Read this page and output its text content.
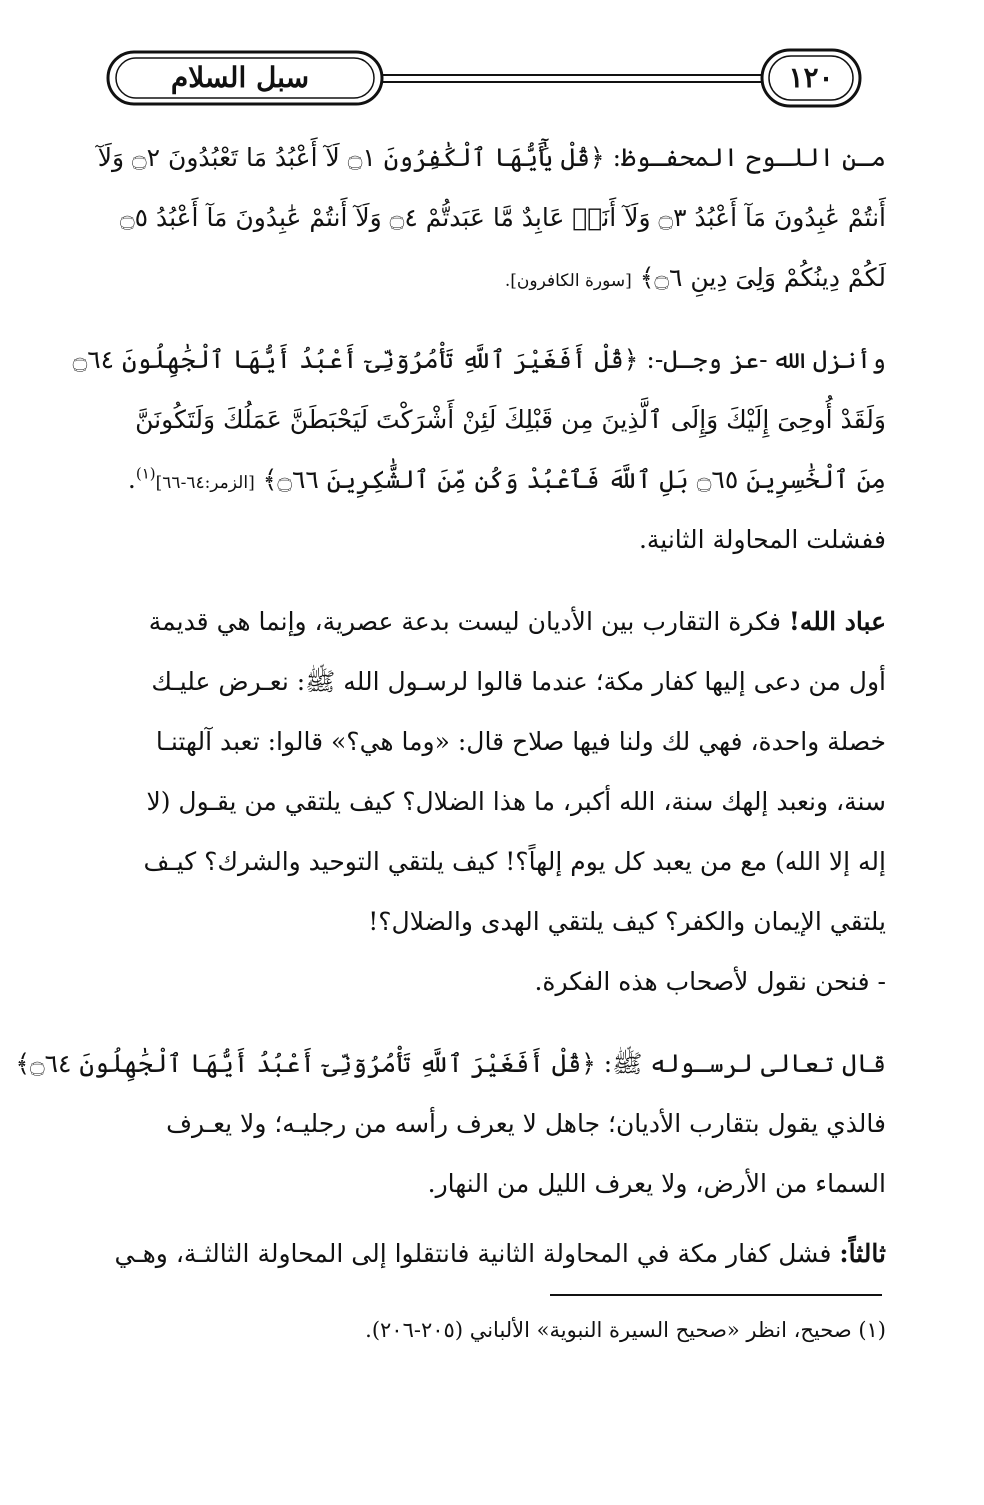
سبل السلام	١٢٠
مـن اللـوح المحفـوظ: ﴿قُلْ يَٰٓأَيُّهَا ٱلْكَٰفِرُونَ ۝١ لَآ أَعْبُدُ مَا تَعْبُدُونَ ۝٢ وَلَآ
أَنتُمْ عَٰبِدُونَ مَآ أَعْبُدُ ۝٣ وَلَآ أَنَا۠ عَابِدٌ مَّا عَبَدتُّمْ ۝٤ وَلَآ أَنتُمْ عَٰبِدُونَ مَآ أَعْبُدُ ۝٥
لَكُمْ دِينُكُمْ وَلِىَ دِينِ ۝٦﴾ [سورة الكافرون].
وأنزل الله -عز وجـل-: ﴿قُلْ أَفَغَيْرَ ٱللَّهِ تَأْمُرُوٓنِّىٓ أَعْبُدُ أَيُّهَا ٱلْجَٰهِلُونَ ۝٦٤
وَلَقَدْ أُوحِىَ إِلَيْكَ وَإِلَى ٱلَّذِينَ مِن قَبْلِكَ لَئِنْ أَشْرَكْتَ لَيَحْبَطَنَّ عَمَلُكَ وَلَتَكُونَنَّ
مِنَ ٱلْخَٰسِرِينَ ۝٦٥ بَلِ ٱللَّهَ فَٱعْبُدْ وَكُن مِّنَ ٱلشَّٰكِرِينَ ۝٦٦﴾ [الزمر:٦٤-٦٦]$^{(١)}$.
ففشلت المحاولة الثانية.
عباد الله! فكرة التقارب بين الأديان ليست بدعة عصرية، وإنما هي قديمة
أول من دعى إليها كفار مكة؛ عندما قالوا لرسـول الله ﷺ: نعـرض عليـك
خصلة واحدة، فهي لك ولنا فيها صلاح قال: «وما هي؟» قالوا: تعبد آلهتنـا
سنة، ونعبد إلهك سنة، الله أكبر، ما هذا الضلال؟ كيف يلتقي من يقـول (لا
إله إلا الله) مع من يعبد كل يوم إلهاً؟! كيف يلتقي التوحيد والشرك؟ كيـف
يلتقي الإيمان والكفر؟ كيف يلتقي الهدى والضلال؟!
- فنحن نقول لأصحاب هذه الفكرة.
قال تعالى لرسـوله ﷺ: ﴿قُلْ أَفَغَيْرَ ٱللَّهِ تَأْمُرُوٓنِّىٓ أَعْبُدُ أَيُّهَا ٱلْجَٰهِلُونَ ۝٦٤﴾
فالذي يقول بتقارب الأديان؛ جاهل لا يعرف رأسه من رجليـه؛ ولا يعـرف
السماء من الأرض، ولا يعرف الليل من النهار.
ثالثاً: فشل كفار مكة في المحاولة الثانية فانتقلوا إلى المحاولة الثالثـة، وهـي
(١) صحيح، انظر «صحيح السيرة النبوية» الألباني (٢٠٥-٢٠٦).
